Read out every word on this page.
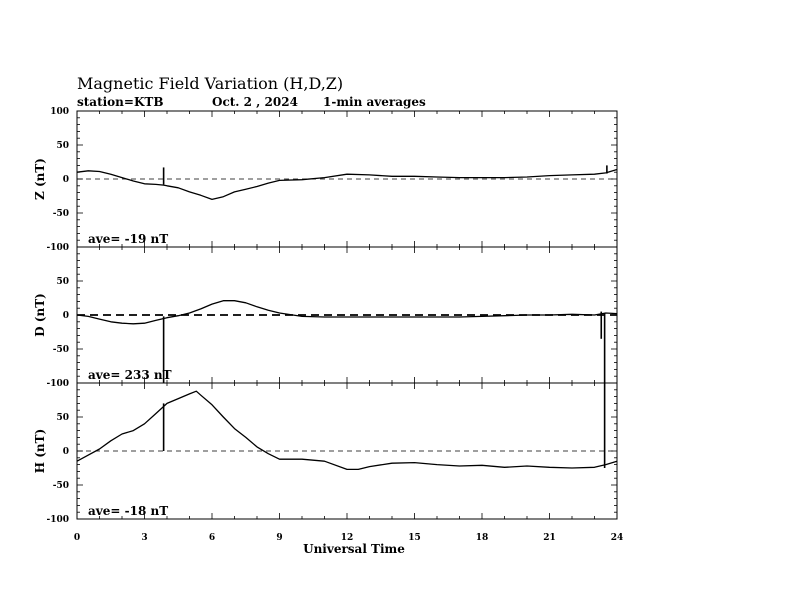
Magnetic Field Variation (H,D,Z)
station=KTB	Oct. 2 , 2024 1-min averages
Universal Time
100
50
0
-50
-100
Z (nT)
ave= -19 nT
50
0
-50
-100
D (nT)
ave= 233 nT
50
0
-50
-100
H (nT)
ave= -18 nT
0	3	6	9	12	15	18	21	24
